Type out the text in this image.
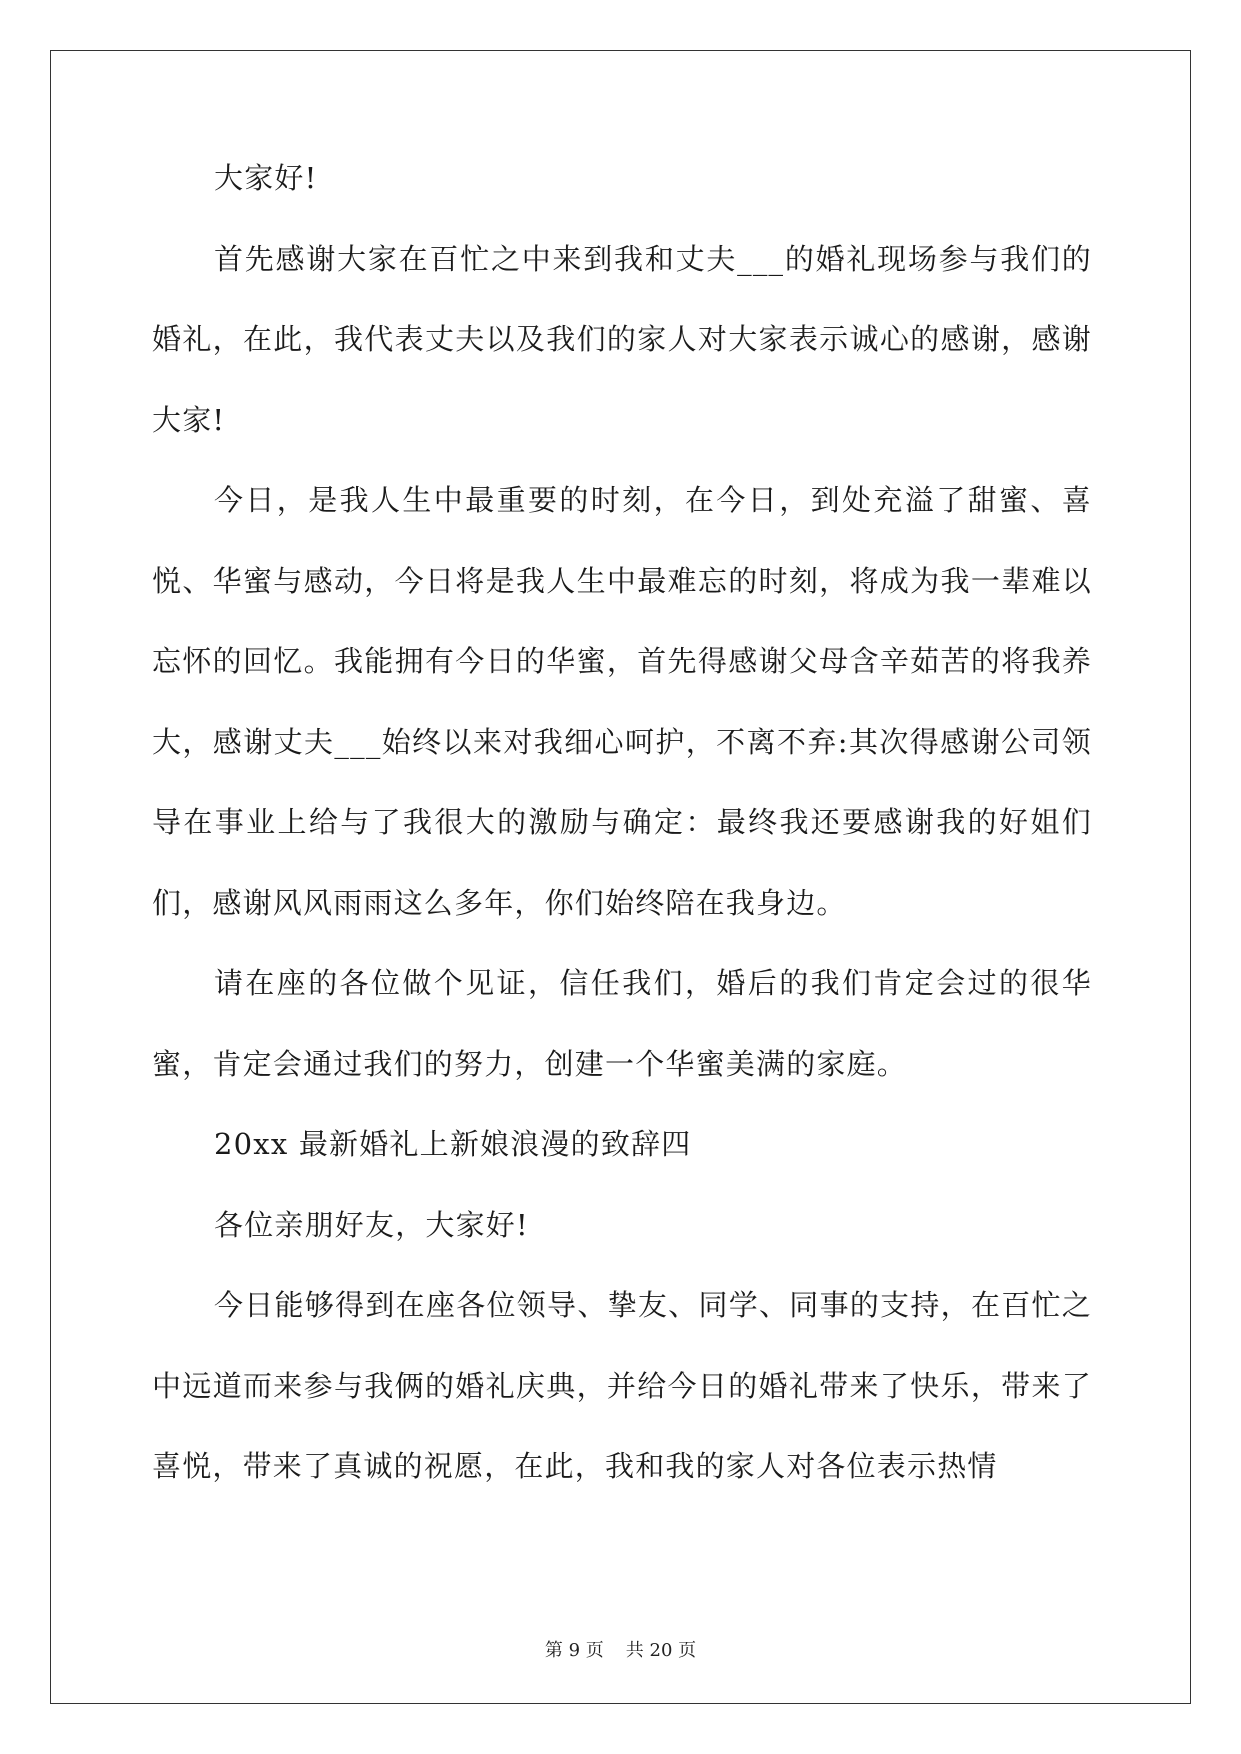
大家好!

首先感谢大家在百忙之中来到我和丈夫___的婚礼现场参与我们的婚礼，在此，我代表丈夫以及我们的家人对大家表示诚心的感谢，感谢大家!

今日，是我人生中最重要的时刻，在今日，到处充溢了甜蜜、喜悦、华蜜与感动，今日将是我人生中最难忘的时刻，将成为我一辈难以忘怀的回忆。我能拥有今日的华蜜，首先得感谢父母含辛茹苦的将我养大，感谢丈夫___始终以来对我细心呵护，不离不弃:其次得感谢公司领导在事业上给与了我很大的激励与确定：最终我还要感谢我的好姐们们，感谢风风雨雨这么多年，你们始终陪在我身边。

请在座的各位做个见证，信任我们，婚后的我们肯定会过的很华蜜，肯定会通过我们的努力，创建一个华蜜美满的家庭。

20xx 最新婚礼上新娘浪漫的致辞四

各位亲朋好友，大家好!

今日能够得到在座各位领导、挚友、同学、同事的支持，在百忙之中远道而来参与我俩的婚礼庆典，并给今日的婚礼带来了快乐，带来了喜悦，带来了真诚的祝愿，在此，我和我的家人对各位表示热情

第 9 页 共 20 页
